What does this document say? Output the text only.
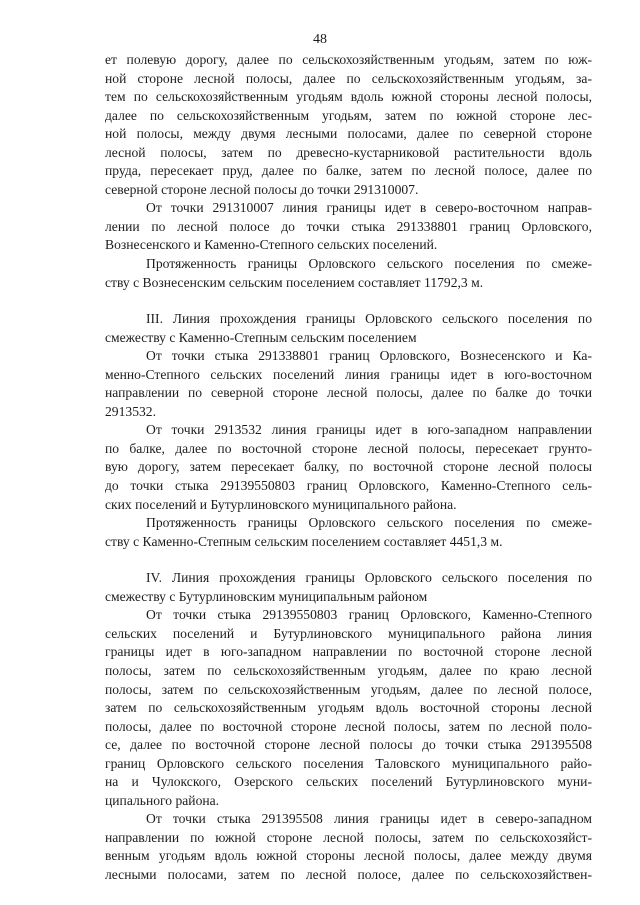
48

ет полевую дорогу, далее по сельскохозяйственным угодьям, затем по юж-
ной стороне лесной полосы, далее по сельскохозяйственным угодьям, за-
тем по сельскохозяйственным угодьям вдоль южной стороны лесной полосы,
далее по сельскохозяйственным угодьям, затем по южной стороне лес-
ной полосы, между двумя лесными полосами, далее по северной стороне
лесной полосы, затем по древесно-кустарниковой растительности вдоль
пруда, пересекает пруд, далее по балке, затем по лесной полосе, далее по
северной стороне лесной полосы до точки 291310007.

От точки 291310007 линия границы идет в северо-восточном направ-
лении по лесной полосе до точки стыка 291338801 границ Орловского,
Вознесенского и Каменно-Степного сельских поселений.

Протяженность границы Орловского сельского поселения по смеже-
ству с Вознесенским сельским поселением составляет 11792,3 м.

III. Линия прохождения границы Орловского сельского поселения по
смежеству с Каменно-Степным сельским поселением

От точки стыка 291338801 границ Орловского, Вознесенского и Ка-
менно-Степного сельских поселений линия границы идет в юго-восточном
направлении по северной стороне лесной полосы, далее по балке до точки
2913532.

От точки 2913532 линия границы идет в юго-западном направлении
по балке, далее по восточной стороне лесной полосы, пересекает грунто-
вую дорогу, затем пересекает балку, по восточной стороне лесной полосы
до точки стыка 29139550803 границ Орловского, Каменно-Степного сель-
ских поселений и Бутурлиновского муниципального района.

Протяженность границы Орловского сельского поселения по смеже-
ству с Каменно-Степным сельским поселением составляет 4451,3 м.

IV. Линия прохождения границы Орловского сельского поселения по
смежеству с Бутурлиновским муниципальным районом

От точки стыка 29139550803 границ Орловского, Каменно-Степного
сельских поселений и Бутурлиновского муниципального района линия
границы идет в юго-западном направлении по восточной стороне лесной
полосы, затем по сельскохозяйственным угодьям, далее по краю лесной
полосы, затем по сельскохозяйственным угодьям, далее по лесной полосе,
затем по сельскохозяйственным угодьям вдоль восточной стороны лесной
полосы, далее по восточной стороне лесной полосы, затем по лесной поло-
се, далее по восточной стороне лесной полосы до точки стыка 291395508
границ Орловского сельского поселения Таловского муниципального райо-
на и Чулокского, Озерского сельских поселений Бутурлиновского муни-
ципального района.

От точки стыка 291395508 линия границы идет в северо-западном
направлении по южной стороне лесной полосы, затем по сельскохозяйст-
венным угодьям вдоль южной стороны лесной полосы, далее между двумя
лесными полосами, затем по лесной полосе, далее по сельскохозяйствен-
